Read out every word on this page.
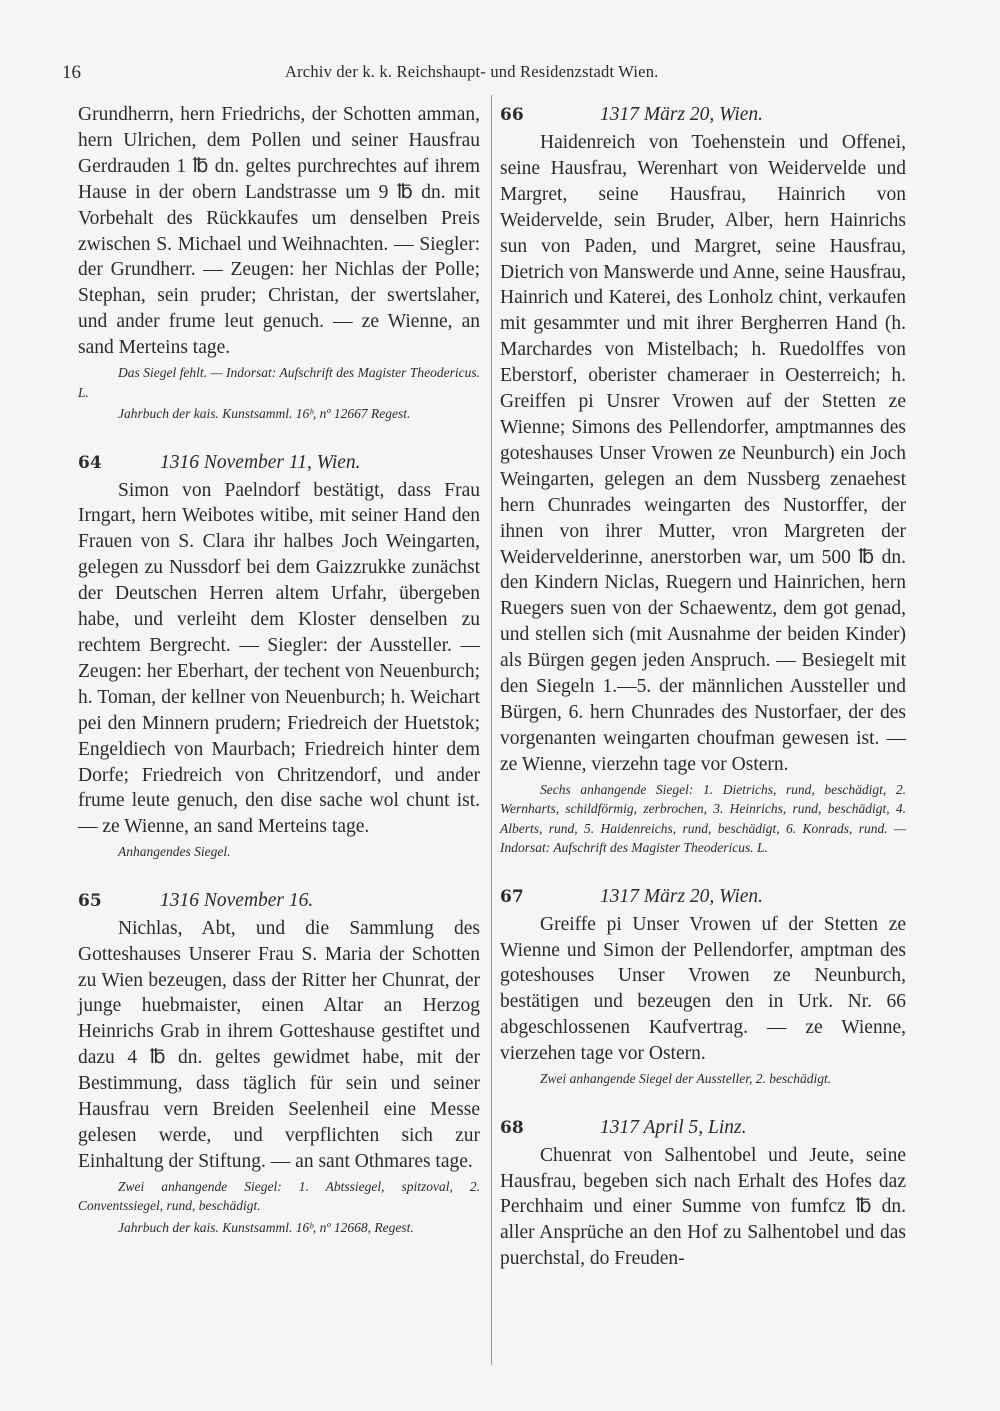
16	Archiv der k. k. Reichshaupt- und Residenzstadt Wien.

Grundherrn, hern Friedrichs, der Schotten amman, hern Ulrichen, dem Pollen und seiner Hausfrau Gerdrauden 1 ℔ dn. geltes purchrechtes auf ihrem Hause in der obern Landstrasse um 9 ℔ dn. mit Vorbehalt des Rückkaufes um denselben Preis zwischen S. Michael und Weihnachten. — Siegler: der Grundherr. — Zeugen: her Nichlas der Polle; Stephan, sein pruder; Christan, der swertslaher, und ander frume leut genuch. — ze Wienne, an sand Merteins tage.

Das Siegel fehlt. — Indorsat: Aufschrift des Magister Theodericus. L.

Jahrbuch der kais. Kunstsamml. 16ᵇ, nº 12667 Regest.

64	1316 November 11, Wien.

Simon von Paelndorf bestätigt, dass Frau Irngart, hern Weibotes witibe, mit seiner Hand den Frauen von S. Clara ihr halbes Joch Weingarten, gelegen zu Nussdorf bei dem Gaizzrukke zunächst der Deutschen Herren altem Urfahr, übergeben habe, und verleiht dem Kloster denselben zu rechtem Bergrecht. — Siegler: der Aussteller. — Zeugen: her Eberhart, der techent von Neuenburch; h. Toman, der kellner von Neuenburch; h. Weichart pei den Minnern prudern; Friedreich der Huetstok; Engeldiech von Maurbach; Friedreich hinter dem Dorfe; Friedreich von Chritzendorf, und ander frume leute genuch, den dise sache wol chunt ist. — ze Wienne, an sand Merteins tage.

Anhangendes Siegel.

65	1316 November 16.

Nichlas, Abt, und die Sammlung des Gotteshauses Unserer Frau S. Maria der Schotten zu Wien bezeugen, dass der Ritter her Chunrat, der junge huebmaister, einen Altar an Herzog Heinrichs Grab in ihrem Gotteshause gestiftet und dazu 4 ℔ dn. geltes gewidmet habe, mit der Bestimmung, dass täglich für sein und seiner Hausfrau vern Breiden Seelenheil eine Messe gelesen werde, und verpflichten sich zur Einhaltung der Stiftung. — an sant Othmares tage.

Zwei anhangende Siegel: 1. Abtssiegel, spitzoval, 2. Conventssiegel, rund, beschädigt.

Jahrbuch der kais. Kunstsamml. 16ᵇ, nº 12668, Regest.

66	1317 März 20, Wien.

Haidenreich von Toehenstein und Offenei, seine Hausfrau, Werenhart von Weidervelde und Margret, seine Hausfrau, Hainrich von Weidervelde, sein Bruder, Alber, hern Hainrichs sun von Paden, und Margret, seine Hausfrau, Dietrich von Manswerde und Anne, seine Hausfrau, Hainrich und Katerei, des Lonholz chint, verkaufen mit gesammter und mit ihrer Bergherren Hand (h. Marchardes von Mistelbach; h. Ruedolffes von Eberstorf, oberister chameraer in Oesterreich; h. Greiffen pi Unsrer Vrowen auf der Stetten ze Wienne; Simons des Pellendorfer, amptmannes des goteshauses Unser Vrowen ze Neunburch) ein Joch Weingarten, gelegen an dem Nussberg zenaehest hern Chunrades weingarten des Nustorffer, der ihnen von ihrer Mutter, vron Margreten der Weidervelderinne, anerstorben war, um 500 ℔ dn. den Kindern Niclas, Ruegern und Hainrichen, hern Ruegers suen von der Schaewentz, dem got genad, und stellen sich (mit Ausnahme der beiden Kinder) als Bürgen gegen jeden Anspruch. — Besiegelt mit den Siegeln 1.—5. der männlichen Aussteller und Bürgen, 6. hern Chunrades des Nustorfaer, der des vorgenanten weingarten choufman gewesen ist. — ze Wienne, vierzehn tage vor Ostern.

Sechs anhangende Siegel: 1. Dietrichs, rund, beschädigt, 2. Wernharts, schildförmig, zerbrochen, 3. Heinrichs, rund, beschädigt, 4. Alberts, rund, 5. Haidenreichs, rund, beschädigt, 6. Konrads, rund. — Indorsat: Aufschrift des Magister Theodericus. L.

67	1317 März 20, Wien.

Greiffe pi Unser Vrowen uf der Stetten ze Wienne und Simon der Pellendorfer, amptman des goteshouses Unser Vrowen ze Neunburch, bestätigen und bezeugen den in Urk. Nr. 66 abgeschlossenen Kaufvertrag. — ze Wienne, vierzehen tage vor Ostern.

Zwei anhangende Siegel der Aussteller, 2. beschädigt.

68	1317 April 5, Linz.

Chuenrat von Salhentobel und Jeute, seine Hausfrau, begeben sich nach Erhalt des Hofes daz Perchhaim und einer Summe von fumfcz ℔ dn. aller Ansprüche an den Hof zu Salhentobel und das puerchstal, do Freuden-
